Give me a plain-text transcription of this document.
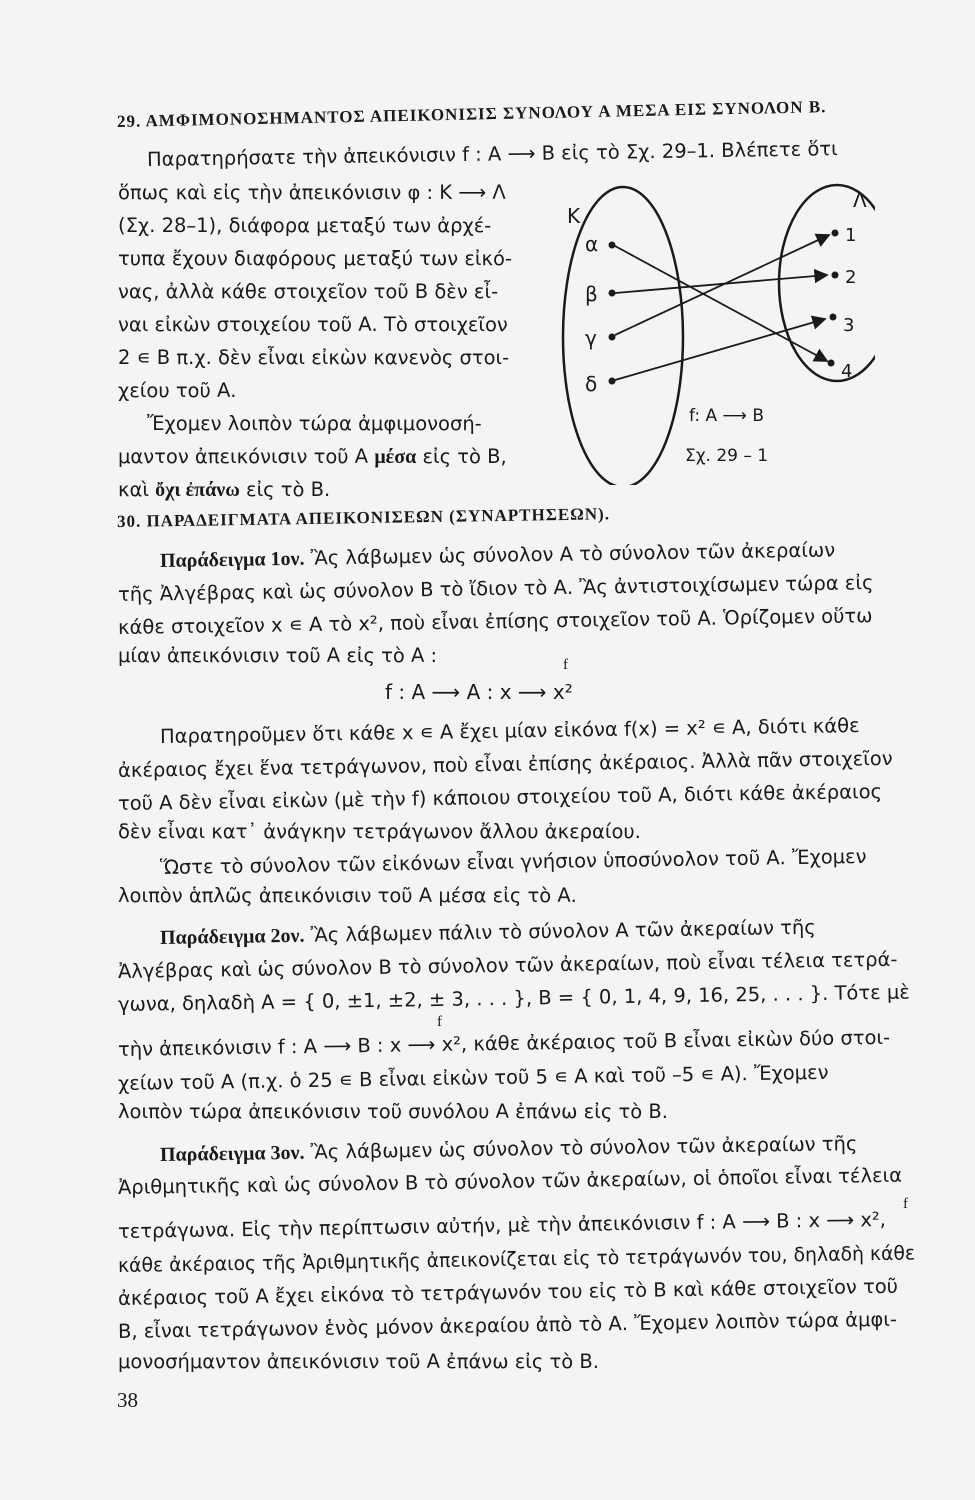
29. ΑΜΦΙΜΟΝΟΣΗΜΑΝΤΟΣ ΑΠΕΙΚΟΝΙΣΙΣ ΣΥΝΟΛΟΥ Α ΜΕΣΑ ΕΙΣ ΣΥΝΟΛΟΝ Β.
Παρατηρήσατε τὴν ἀπεικόνισιν f : Α ⟶ Β εἰς τὸ Σχ. 29–1. Βλέπετε ὅτι
ὅπως καὶ εἰς τὴν ἀπεικόνισιν φ : Κ ⟶ Λ
(Σχ. 28–1), διάφορα μεταξύ των ἀρχέ-
τυπα ἔχουν διαφόρους μεταξύ των εἰκό-
νας, ἀλλὰ κάθε στοιχεῖον τοῦ Β δὲν εἶ-
ναι εἰκὼν στοιχείου τοῦ Α. Τὸ στοιχεῖον
2 ∊ Β π.χ. δὲν εἶναι εἰκὼν κανενὸς στοι-
χείου τοῦ Α.
Ἔχομεν λοιπὸν τώρα ἀμφιμονοσή-
μαντον ἀπεικόνισιν τοῦ Α μέσα εἰς τὸ Β,
καὶ ὄχι ἐπάνω εἰς τὸ Β.
Κ
Λ
α
β
γ
δ
1
2
3
4
f: A ⟶ B
Σχ. 29 – 1
30. ΠΑΡΑΔΕΙΓΜΑΤΑ ΑΠΕΙΚΟΝΙΣΕΩΝ (ΣΥΝΑΡΤΗΣΕΩΝ).
Παράδειγμα 1ον. Ἂς λάβωμεν ὡς σύνολον Α τὸ σύνολον τῶν ἀκεραίων
τῆς Ἀλγέβρας καὶ ὡς σύνολον Β τὸ ἴδιον τὸ Α. Ἂς ἀντιστοιχίσωμεν τώρα εἰς
κάθε στοιχεῖον x ∊ Α τὸ x², ποὺ εἶναι ἐπίσης στοιχεῖον τοῦ Α. Ὁρίζομεν οὕτω
μίαν ἀπεικόνισιν τοῦ Α εἰς τὸ Α :	f
f : A ⟶ A : x ⟶ x²
Παρατηροῦμεν ὅτι κάθε x ∊ Α ἔχει μίαν εἰκόνα f(x) = x² ∊ A, διότι κάθε
ἀκέραιος ἔχει ἕνα τετράγωνον, ποὺ εἶναι ἐπίσης ἀκέραιος. Ἀλλὰ πᾶν στοιχεῖον
τοῦ Α δὲν εἶναι εἰκὼν (μὲ τὴν f) κάποιου στοιχείου τοῦ Α, διότι κάθε ἀκέραιος
δὲν εἶναι κατ᾽ ἀνάγκην τετράγωνον ἄλλου ἀκεραίου.
Ὥστε τὸ σύνολον τῶν εἰκόνων εἶναι γνήσιον ὑποσύνολον τοῦ Α. Ἔχομεν
λοιπὸν ἁπλῶς ἀπεικόνισιν τοῦ Α μέσα εἰς τὸ Α.
Παράδειγμα 2ον. Ἂς λάβωμεν πάλιν τὸ σύνολον Α τῶν ἀκεραίων τῆς
Ἀλγέβρας καὶ ὡς σύνολον Β τὸ σύνολον τῶν ἀκεραίων, ποὺ εἶναι τέλεια τετρά-
γωνα, δηλαδὴ A = { 0, ±1, ±2, ± 3, . . . }, B = { 0, 1, 4, 9, 16, 25, . . . }. Τότε μὲ
f
τὴν ἀπεικόνισιν f : A ⟶ B : x ⟶ x², κάθε ἀκέραιος τοῦ Β εἶναι εἰκὼν δύο στοι-
χείων τοῦ Α (π.χ. ὁ 25 ∊ Β εἶναι εἰκὼν τοῦ 5 ∊ A καὶ τοῦ –5 ∊ A). Ἔχομεν
λοιπὸν τώρα ἀπεικόνισιν τοῦ συνόλου Α ἐπάνω εἰς τὸ Β.
Παράδειγμα 3ον. Ἂς λάβωμεν ὡς σύνολον τὸ σύνολον τῶν ἀκεραίων τῆς
Ἀριθμητικῆς καὶ ὡς σύνολον Β τὸ σύνολον τῶν ἀκεραίων, οἱ ὁποῖοι εἶναι τέλεια
f
τετράγωνα. Εἰς τὴν περίπτωσιν αὐτήν, μὲ τὴν ἀπεικόνισιν f : A ⟶ B : x ⟶ x²,
κάθε ἀκέραιος τῆς Ἀριθμητικῆς ἀπεικονίζεται εἰς τὸ τετράγωνόν του, δηλαδὴ κάθε
ἀκέραιος τοῦ Α ἔχει εἰκόνα τὸ τετράγωνόν του εἰς τὸ Β καὶ κάθε στοιχεῖον τοῦ
Β, εἶναι τετράγωνον ἑνὸς μόνον ἀκεραίου ἀπὸ τὸ Α. Ἔχομεν λοιπὸν τώρα ἀμφι-
μονοσήμαντον ἀπεικόνισιν τοῦ Α ἐπάνω εἰς τὸ Β.
38
